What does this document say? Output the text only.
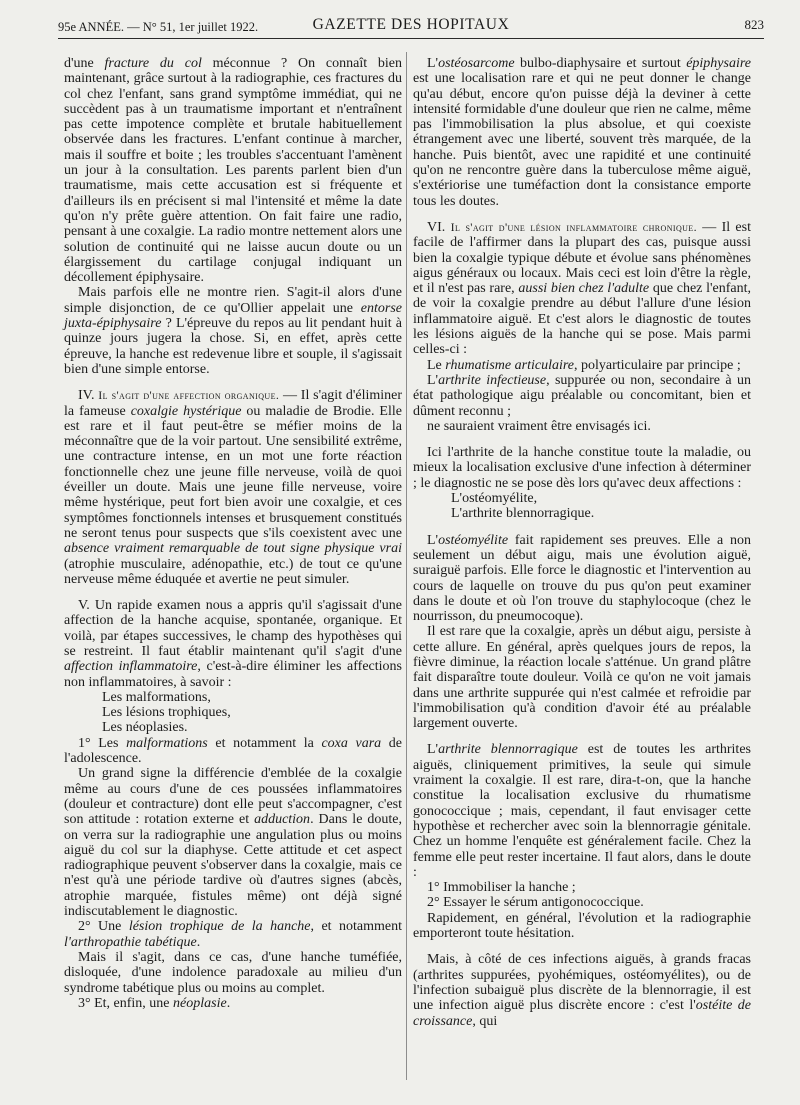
95e ANNÉE. — N° 51, 1er juillet 1922.	GAZETTE DES HOPITAUX	823

d'une fracture du col méconnue ? On connaît bien maintenant, grâce surtout à la radiographie, ces fractures du col chez l'enfant, sans grand symptôme immédiat, qui ne succèdent pas à un traumatisme important et n'entraînent pas cette impotence complète et brutale habituellement observée dans les fractures. L'enfant continue à marcher, mais il souffre et boite ; les troubles s'accentuant l'amènent un jour à la consultation. Les parents parlent bien d'un traumatisme, mais cette accusation est si fréquente et d'ailleurs ils en précisent si mal l'intensité et même la date qu'on n'y prête guère attention. On fait faire une radio, pensant à une coxalgie. La radio montre nettement alors une solution de continuité qui ne laisse aucun doute ou un élargissement du cartilage conjugal indiquant un décollement épiphysaire.

Mais parfois elle ne montre rien. S'agit-il alors d'une simple disjonction, de ce qu'Ollier appelait une entorse juxta-épiphysaire ? L'épreuve du repos au lit pendant huit à quinze jours jugera la chose. Si, en effet, après cette épreuve, la hanche est redevenue libre et souple, il s'agissait bien d'une simple entorse.

IV. Il s'agit d'une affection organique. — Il s'agit d'éliminer la fameuse coxalgie hystérique ou maladie de Brodie. Elle est rare et il faut peut-être se méfier moins de la méconnaître que de la voir partout. Une sensibilité extrême, une contracture intense, en un mot une forte réaction fonctionnelle chez une jeune fille nerveuse, voilà de quoi éveiller un doute. Mais une jeune fille nerveuse, voire même hystérique, peut fort bien avoir une coxalgie, et ces symptômes fonctionnels intenses et brusquement constitués ne seront tenus pour suspects que s'ils coexistent avec une absence vraiment remarquable de tout signe physique vrai (atrophie musculaire, adénopathie, etc.) de tout ce qu'une nerveuse même éduquée et avertie ne peut simuler.

V. Un rapide examen nous a appris qu'il s'agissait d'une affection de la hanche acquise, spontanée, organique. Et voilà, par étapes successives, le champ des hypothèses qui se restreint. Il faut établir maintenant qu'il s'agit d'une affection inflammatoire, c'est-à-dire éliminer les affections non inflammatoires, à savoir :

Les malformations,

Les lésions trophiques,

Les néoplasies.

1° Les malformations et notamment la coxa vara de l'adolescence.

Un grand signe la différencie d'emblée de la coxalgie même au cours d'une de ces poussées inflammatoires (douleur et contracture) dont elle peut s'accompagner, c'est son attitude : rotation externe et adduction. Dans le doute, on verra sur la radiographie une angulation plus ou moins aiguë du col sur la diaphyse. Cette attitude et cet aspect radiographique peuvent s'observer dans la coxalgie, mais ce n'est qu'à une période tardive où d'autres signes (abcès, atrophie marquée, fistules même) ont déjà signé indiscutablement le diagnostic.

2° Une lésion trophique de la hanche, et notamment l'arthropathie tabétique.

Mais il s'agit, dans ce cas, d'une hanche tuméfiée, disloquée, d'une indolence paradoxale au milieu d'un syndrome tabétique plus ou moins au complet.

3° Et, enfin, une néoplasie.

L'ostéosarcome bulbo-diaphysaire et surtout épiphysaire est une localisation rare et qui ne peut donner le change qu'au début, encore qu'on puisse déjà la deviner à cette intensité formidable d'une douleur que rien ne calme, même pas l'immobilisation la plus absolue, et qui coexiste étrangement avec une liberté, souvent très marquée, de la hanche. Puis bientôt, avec une rapidité et une continuité qu'on ne rencontre guère dans la tuberculose même aiguë, s'extériorise une tuméfaction dont la consistance emporte tous les doutes.

VI. Il s'agit d'une lésion inflammatoire chronique. — Il est facile de l'affirmer dans la plupart des cas, puisque aussi bien la coxalgie typique débute et évolue sans phénomènes aigus généraux ou locaux. Mais ceci est loin d'être la règle, et il n'est pas rare, aussi bien chez l'adulte que chez l'enfant, de voir la coxalgie prendre au début l'allure d'une lésion inflammatoire aiguë. Et c'est alors le diagnostic de toutes les lésions aiguës de la hanche qui se pose. Mais parmi celles-ci :

Le rhumatisme articulaire, polyarticulaire par principe ;

L'arthrite infectieuse, suppurée ou non, secondaire à un état pathologique aigu préalable ou concomitant, bien et dûment reconnu ;

ne sauraient vraiment être envisagés ici.

Ici l'arthrite de la hanche constitue toute la maladie, ou mieux la localisation exclusive d'une infection à déterminer ; le diagnostic ne se pose dès lors qu'avec deux affections :

L'ostéomyélite,

L'arthrite blennorragique.

L'ostéomyélite fait rapidement ses preuves. Elle a non seulement un début aigu, mais une évolution aiguë, suraiguë parfois. Elle force le diagnostic et l'intervention au cours de laquelle on trouve du pus qu'on peut examiner dans le doute et où l'on trouve du staphylocoque (chez le nourrisson, du pneumocoque).

Il est rare que la coxalgie, après un début aigu, persiste à cette allure. En général, après quelques jours de repos, la fièvre diminue, la réaction locale s'atténue. Un grand plâtre fait disparaître toute douleur. Voilà ce qu'on ne voit jamais dans une arthrite suppurée qui n'est calmée et refroidie par l'immobilisation qu'à condition d'avoir été au préalable largement ouverte.

L'arthrite blennorragique est de toutes les arthrites aiguës, cliniquement primitives, la seule qui simule vraiment la coxalgie. Il est rare, dira-t-on, que la hanche constitue la localisation exclusive du rhumatisme gonococcique ; mais, cependant, il faut envisager cette hypothèse et rechercher avec soin la blennorragie génitale. Chez un homme l'enquête est généralement facile. Chez la femme elle peut rester incertaine. Il faut alors, dans le doute :

1° Immobiliser la hanche ;

2° Essayer le sérum antigonococcique.

Rapidement, en général, l'évolution et la radiographie emporteront toute hésitation.

Mais, à côté de ces infections aiguës, à grands fracas (arthrites suppurées, pyohémiques, ostéomyélites), ou de l'infection subaiguë plus discrète de la blennorragie, il est une infection aiguë plus discrète encore : c'est l'ostéite de croissance, qui
